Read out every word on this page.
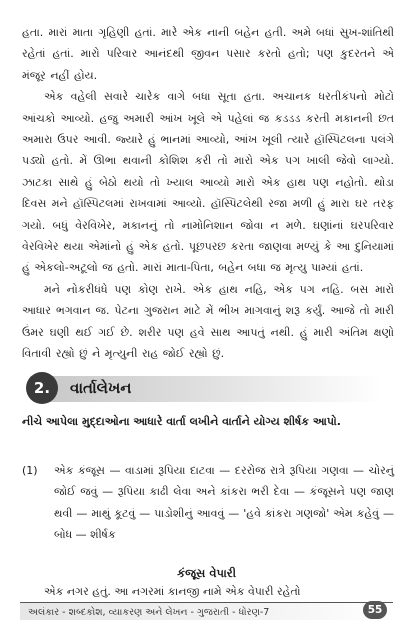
હતા. મારાં માતા ગૃહિણી હતાં. મારે એક નાની બહેન હતી. અમે બધાં સુખ-શાંતિથી રહેતાં હતાં. મારો પરિવાર આનંદથી જીવન પસાર કરતો હતો; પણ કુદરતને એ મંજૂર નહીં હોય.

એક વહેલી સવારે ચારેક વાગે બધા સૂતા હતા. અચાનક ધરતીકંપનો મોટો આંચકો આવ્યો. હજુ અમારી આંખ ખૂલે એ પહેલાં જ કડડડ કરતી મકાનની છત અમારા ઉપર આવી. જ્યારે હું ભાનમાં આવ્યો, આંખ ખૂલી ત્યારે હૉસ્પિટલના પલંગે પડ્યો હતો. મેં ઊભા થવાની કોશિશ કરી તો મારો એક પગ ખાલી જેવો લાગ્યો. ઝાટકા સાથે હું બેઠો થયો તો ખ્યાલ આવ્યો મારો એક હાથ પણ નહોતો. થોડા દિવસ મને હૉસ્પિટલમાં રાખવામાં આવ્યો. હૉસ્પિટલેથી રજા મળી હું મારા ઘર તરફ ગયો. બધું વેરવિખેર, મકાનનું તો નામોનિશાન જોવા ન મળે. ઘણાંનાં ઘરપરિવાર વેરવિખેર થયા એમાંનો હું એક હતો. પૂછપરછ કરતા જાણવા મળ્યું કે આ દુનિયામાં હું એકલો-અટૂલો જ હતો. મારાં માતા-પિતા, બહેન બધા જ મૃત્યુ પામ્યાં હતાં.

મને નોકરીધંધે પણ કોણ રાખે. એક હાથ નહિ, એક પગ નહિ. બસ મારો આધાર ભગવાન જ. પેટના ગુજરાન માટે મેં ભીખ માગવાનું શરૂ કર્યું. આજે તો મારી ઉંમર ઘણી થઈ ગઈ છે. શરીર પણ હવે સાથ આપતું નથી. હું મારી અંતિમ ક્ષણો વિતાવી રહ્યો છું ને મૃત્યુની રાહ જોઈ રહ્યો છું.

2.	વાર્તાલેખન
નીચે આપેલા મુદ્દાઓના આધારે વાર્તા લખીને વાર્તાને યોગ્ય શીર્ષક આપો.
(1)	એક કંજૂસ — વાડામાં રૂપિયા દાટવા — દરરોજ રાત્રે રૂપિયા ગણવા — ચોરનું જોઈ જવું — રૂપિયા કાઢી લેવા અને કાંકરા ભરી દેવા — કંજૂસને પણ જાણ થવી — માથું કૂટવું — પાડોશીનું આવવું — 'હવે કાંકરા ગણજો' એમ કહેવું — બોધ — શીર્ષક
કંજૂસ વેપારી
એક નગર હતું. આ નગરમાં કાનજી નામે એક વેપારી રહેતો
અલંકાર - શબ્દકોશ, વ્યાકરણ અને લેખન - ગુજરાતી - ધોરણ-7	55
